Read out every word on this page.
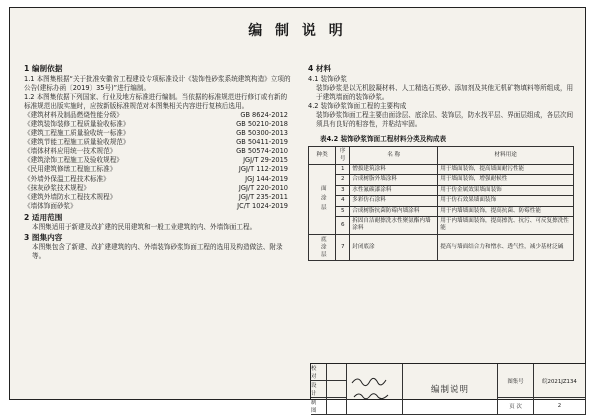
编 制 说 明
1 编制依据

1.1 本图集根据“关于批准安徽省工程建设专项标准设计《装饰性砂浆系统建筑构造》立项的公告(建标办函〔2019〕35号)”进行编制。

1.2 本图集依据下列国家、行业及地方标准进行编制。当依据的标准规范进行修订或有新的标准规范出版实施时，应按新版标准规范对本图集相关内容进行复核后选用。

《建筑材料及制品燃烧性能分级》	GB 8624-2012
《建筑装饰装修工程质量验收标准》	GB 50210-2018
《建筑工程施工质量验收统一标准》	GB 50300-2013
《建筑节能工程施工质量验收规范》	GB 50411-2019
《墙体材料应用统一技术规范》	GB 50574-2010
《建筑涂饰工程施工及验收规程》	JGJ/T 29-2015
《民用建筑修缮工程施工标准》	JGJ/T 112-2019
《外墙外保温工程技术标准》	JGJ 144-2019
《抹灰砂浆技术规程》	JGJ/T 220-2010
《建筑外墙防水工程技术规程》	JGJ/T 235-2011
《墙体饰面砂浆》	JC/T 1024-2019
2 适用范围

本图集适用于新建及改扩建的民用建筑和一般工业建筑的内、外墙饰面工程。

3 图集内容

本图集包含了新建、改扩建建筑的内、外墙装饰砂浆饰面工程的选用及构造做法、附录等。

4 材料
4.1 装饰砂浆

装饰砂浆是以无机胶凝材料、人工精选石英砂、添加剂及其他无机矿物填料等所组成，用于建筑墙面的装饰砂浆。

4.2 装饰砂浆饰面工程的主要构成

装饰砂浆饰面工程主要由面涂层、底涂层、装饰层，防水找平层、界面层组成，各层次间须具有良好的相容性，并粘结牢固。

表4.2 装饰砂浆饰面工程材料分类及构成表
种类	序号	名 称	材料用途
面涂层	1	憎拔建筑涂料	用于墙面装饰，提高墙面耐污性能
	2	合成树脂外墙涂料	用于墙面装饰，增强耐候性
	3	水性氟碳漆涂料	用于仿金属效果墙面装饰
	4	多彩仿石涂料	用于仿石效果墙面装饰
	5	合成树脂抗菌防霉内墙涂料	用于内墙墙面装饰，提高抗菌、防霉性能
	6	拆固自洁耐擦洗水性聚氨酯内墙涂料	用于内墙墙面装饰，提高擦洗、抗污、可反复擦洗性能
底涂层	7	封闭底涂	提高与墙面结合力和憎水、透气性，减少基材泛碱
校 对
设 计
制 图
编制说明
图集号
页 次
皖2021JZ134
2
